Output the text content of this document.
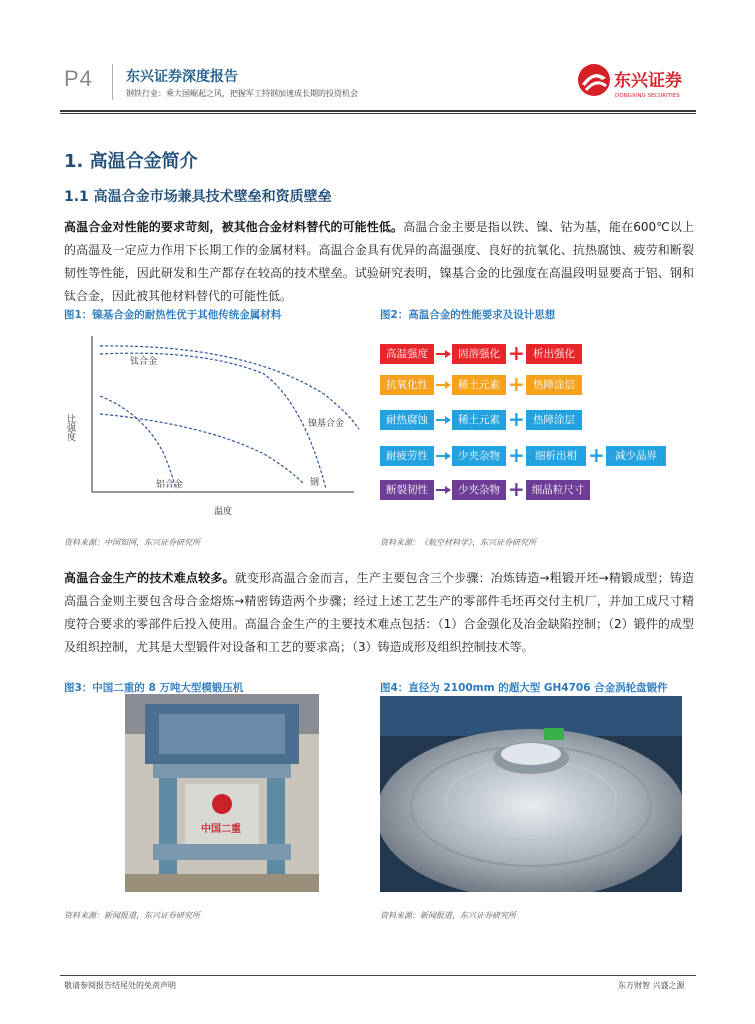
P4 东兴证券深度报告
钢铁行业：乘大国崛起之风，把握军工特钢加速成长期的投资机会
东兴证券
DONGXING SECURITIES
1. 高温合金简介
1.1 高温合金市场兼具技术壁垒和资质壁垒
高温合金对性能的要求苛刻，被其他合金材料替代的可能性低。高温合金主要是指以铁、镍、钴为基，能在600℃以上的高温及一定应力作用下长期工作的金属材料。高温合金具有优异的高温强度、良好的抗氧化、抗热腐蚀、疲劳和断裂韧性等性能，因此研发和生产都存在较高的技术壁垒。试验研究表明，镍基合金的比强度在高温段明显要高于铝、钢和钛合金，因此被其他材料替代的可能性低。
图1：镍基合金的耐热性优于其他传统金属材料
比强度
温度
钛合金
镍基合金
铝合金	钢
资料来源：中国知网，东兴证券研究所
图2：高温合金的性能要求及设计思想
高温强度	固溶强化 + 析出强化
抗氧化性	稀土元素 + 热障涂层
耐热腐蚀	稀土元素 + 热障涂层
耐疲劳性	少夹杂物 + 细析出相 + 减少晶界
断裂韧性	少夹杂物 + 细晶粒尺寸
资料来源：《航空材料学》，东兴证券研究所
高温合金生产的技术难点较多。就变形高温合金而言，生产主要包含三个步骤：冶炼铸造→粗锻开坯→精锻成型；铸造高温合金则主要包含母合金熔炼→精密铸造两个步骤；经过上述工艺生产的零部件毛坯再交付主机厂，并加工成尺寸精度符合要求的零部件后投入使用。高温合金生产的主要技术难点包括：（1）合金强化及冶金缺陷控制；（2）锻件的成型及组织控制，尤其是大型锻件对设备和工艺的要求高；（3）铸造成形及组织控制技术等。
图3：中国二重的 8 万吨大型模锻压机
中国二重
资料来源：新闻报道，东兴证券研究所
图4：直径为 2100mm 的超大型 GH4706 合金涡轮盘锻件
资料来源：新闻报道，东兴证券研究所
敬请参阅报告结尾处的免责声明	东方财智 兴盛之源
